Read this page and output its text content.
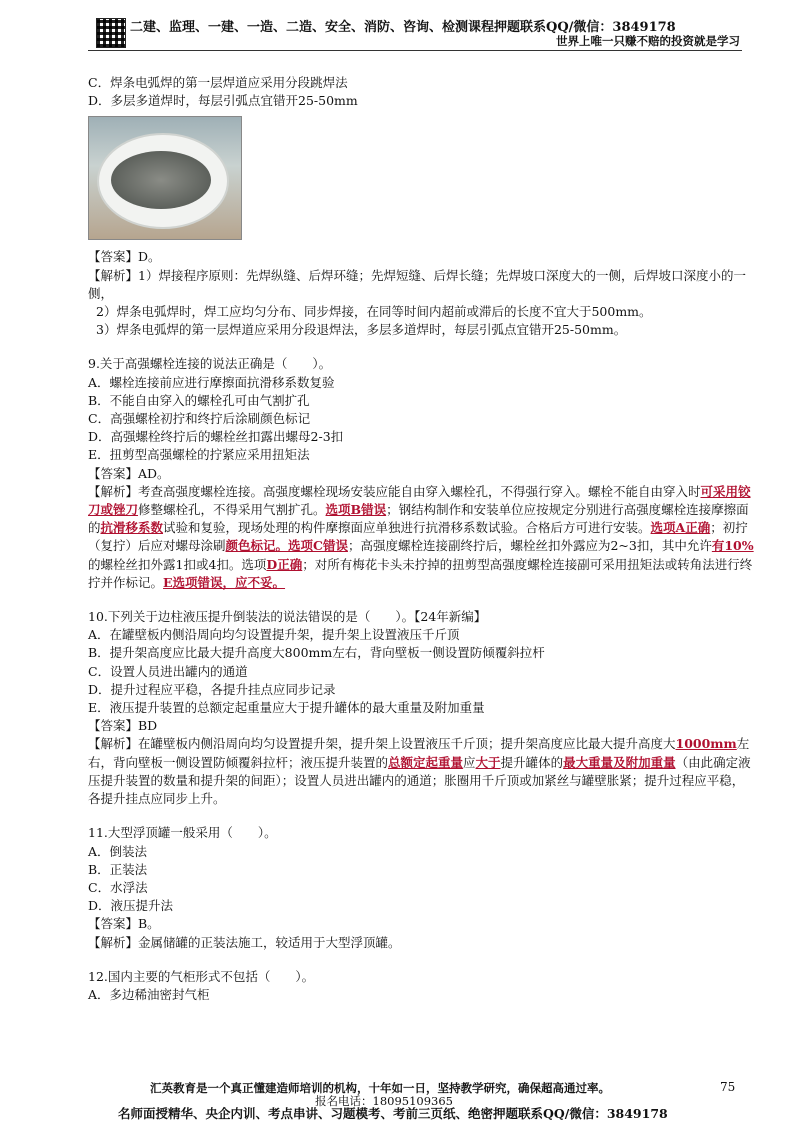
二建、监理、一建、一造、二造、安全、消防、咨询、检测课程押题联系QQ/微信：3849178
世界上唯一只赚不赔的投资就是学习

C．焊条电弧焊的第一层焊道应采用分段跳焊法

D．多层多道焊时，每层引弧点宜错开25-50mm

【答案】D。

【解析】1）焊接程序原则：先焊纵缝、后焊环缝；先焊短缝、后焊长缝；先焊坡口深度大的一侧，后焊坡口深度小的一侧，

2）焊条电弧焊时，焊工应均匀分布、同步焊接，在同等时间内超前或滞后的长度不宜大于500mm。

3）焊条电弧焊的第一层焊道应采用分段退焊法，多层多道焊时，每层引弧点宜错开25-50mm。

9.关于高强螺栓连接的说法正确是（　　）。

A．螺栓连接前应进行摩擦面抗滑移系数复验

B．不能自由穿入的螺栓孔可由气割扩孔

C．高强螺栓初拧和终拧后涂刷颜色标记

D．高强螺栓终拧后的螺栓丝扣露出螺母2-3扣

E．扭剪型高强螺栓的拧紧应采用扭矩法

【答案】AD。

【解析】考查高强度螺栓连接。高强度螺栓现场安装应能自由穿入螺栓孔，不得强行穿入。螺栓不能自由穿入时可采用铰刀或锉刀修整螺栓孔，不得采用气割扩孔。选项B错误；钢结构制作和安装单位应按规定分别进行高强度螺栓连接摩擦面的抗滑移系数试验和复验，现场处理的构件摩擦面应单独进行抗滑移系数试验。合格后方可进行安装。选项A正确；初拧（复拧）后应对螺母涂刷颜色标记。选项C错误；高强度螺栓连接副终拧后，螺栓丝扣外露应为2~3扣，其中允许有10%的螺栓丝扣外露1扣或4扣。选项D正确；对所有梅花卡头未拧掉的扭剪型高强度螺栓连接副可采用扭矩法或转角法进行终拧并作标记。E选项错误，应不妥。

10.下列关于边柱液压提升倒装法的说法错误的是（　　）。【24年新编】

A．在罐壁板内侧沿周向均匀设置提升架，提升架上设置液压千斤顶

B．提升架高度应比最大提升高度大800mm左右，背向壁板一侧设置防倾覆斜拉杆

C．设置人员进出罐内的通道

D．提升过程应平稳，各提升挂点应同步记录

E．液压提升装置的总额定起重量应大于提升罐体的最大重量及附加重量

【答案】BD

【解析】在罐壁板内侧沿周向均匀设置提升架，提升架上设置液压千斤顶；提升架高度应比最大提升高度大1000mm左右，背向壁板一侧设置防倾覆斜拉杆；液压提升装置的总额定起重量应大于提升罐体的最大重量及附加重量（由此确定液压提升装置的数量和提升架的间距）；设置人员进出罐内的通道；胀圈用千斤顶或加紧丝与罐壁胀紧；提升过程应平稳，各提升挂点应同步上升。

11.大型浮顶罐一般采用（　　）。

A．倒装法

B．正装法

C．水浮法

D．液压提升法

【答案】B。

【解析】金属储罐的正装法施工，较适用于大型浮顶罐。

12.国内主要的气柜形式不包括（　　）。

A．多边稀油密封气柜

汇英教育是一个真正懂建造师培训的机构，十年如一日，坚持教学研究，确保超高通过率。	75
报名电话：18095109365
名师面授精华、央企内训、考点串讲、习题模考、考前三页纸、绝密押题联系QQ/微信：3849178
